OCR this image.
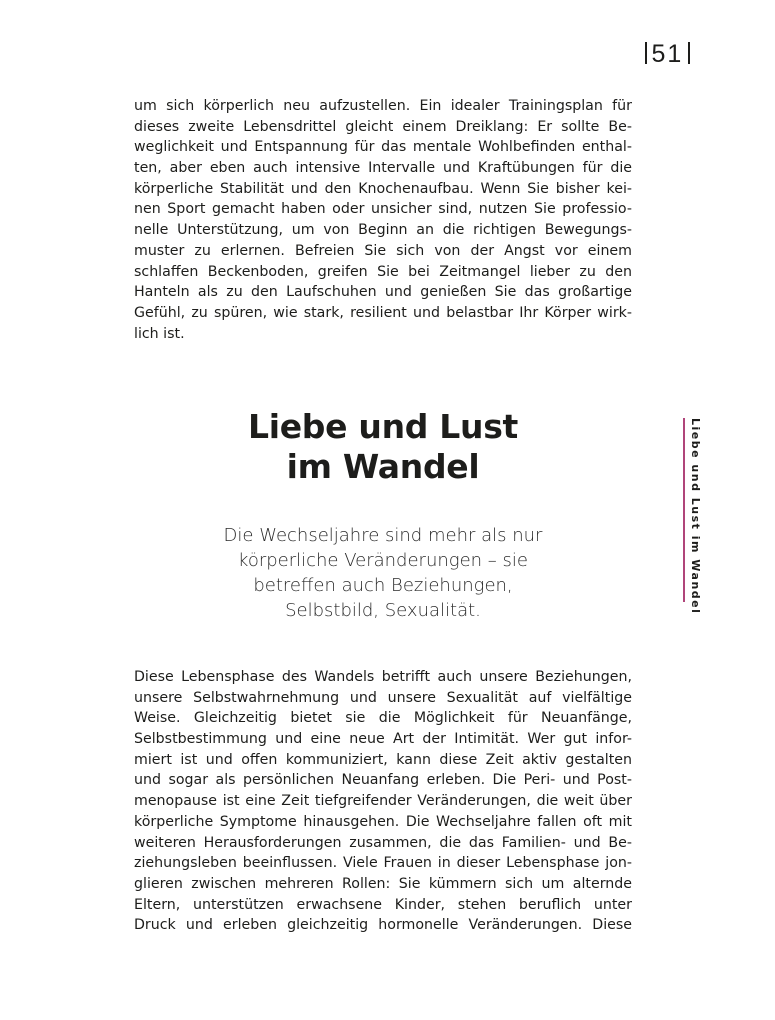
51
um sich körperlich neu aufzustellen. Ein idealer Trainingsplan für
dieses zweite Lebensdrittel gleicht einem Dreiklang: Er sollte Be-
weglichkeit und Entspannung für das mentale Wohlbefinden enthal-
ten, aber eben auch intensive Intervalle und Kraftübungen für die
körperliche Stabilität und den Knochenaufbau. Wenn Sie bisher kei-
nen Sport gemacht haben oder unsicher sind, nutzen Sie professio-
nelle Unterstützung, um von Beginn an die richtigen Bewegungs-
muster zu erlernen. Befreien Sie sich von der Angst vor einem
schlaffen Beckenboden, greifen Sie bei Zeitmangel lieber zu den
Hanteln als zu den Laufschuhen und genießen Sie das großartige
Gefühl, zu spüren, wie stark, resilient und belastbar Ihr Körper wirk-
lich ist.
Liebe und Lust
im Wandel

Die Wechseljahre sind mehr als nur
körperliche Veränderungen – sie
betreffen auch Beziehungen,
Selbstbild, Sexualität.

Diese Lebensphase des Wandels betrifft auch unsere Beziehungen,
unsere Selbstwahrnehmung und unsere Sexualität auf vielfältige
Weise. Gleichzeitig bietet sie die Möglichkeit für Neuanfänge,
Selbstbestimmung und eine neue Art der Intimität. Wer gut infor-
miert ist und offen kommuniziert, kann diese Zeit aktiv gestalten
und sogar als persönlichen Neuanfang erleben. Die Peri- und Post-
menopause ist eine Zeit tiefgreifender Veränderungen, die weit über
körperliche Symptome hinausgehen. Die Wechseljahre fallen oft mit
weiteren Herausforderungen zusammen, die das Familien- und Be-
ziehungsleben beeinflussen. Viele Frauen in dieser Lebensphase jon-
glieren zwischen mehreren Rollen: Sie kümmern sich um alternde
Eltern, unterstützen erwachsene Kinder, stehen beruflich unter
Druck und erleben gleichzeitig hormonelle Veränderungen. Diese
Liebe und Lust im Wandel
